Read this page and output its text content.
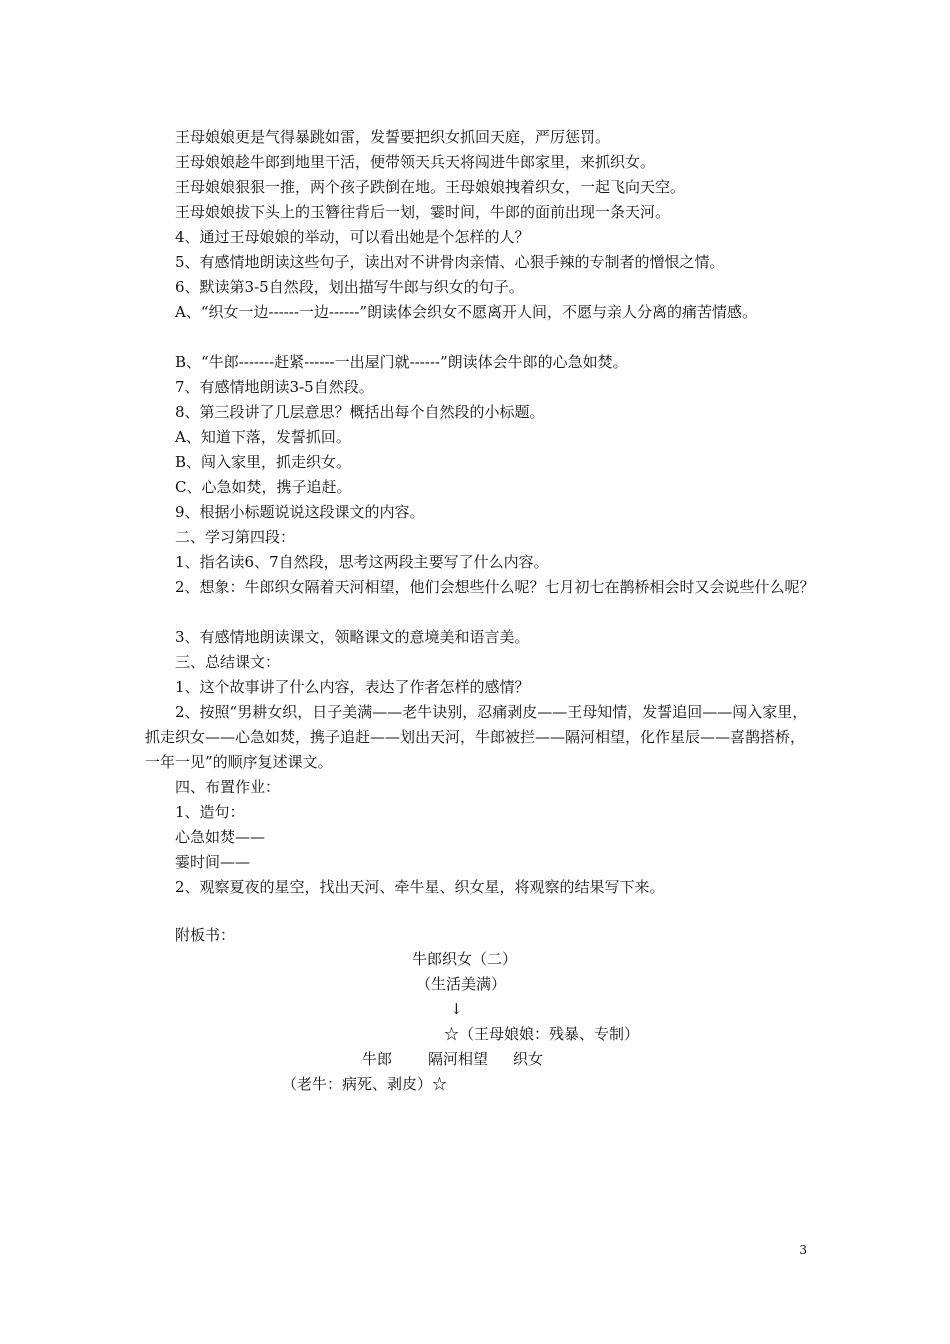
王母娘娘更是气得暴跳如雷，发誓要把织女抓回天庭，严厉惩罚。
王母娘娘趁牛郎到地里干活，便带领天兵天将闯进牛郎家里，来抓织女。
王母娘娘狠狠一推，两个孩子跌倒在地。王母娘娘拽着织女，一起飞向天空。
王母娘娘拔下头上的玉簪往背后一划，霎时间，牛郎的面前出现一条天河。
4、通过王母娘娘的举动，可以看出她是个怎样的人？
5、有感情地朗读这些句子，读出对不讲骨肉亲情、心狠手辣的专制者的憎恨之情。
6、默读第3-5自然段，划出描写牛郎与织女的句子。
A、“织女一边------一边------”朗读体会织女不愿离开人间，不愿与亲人分离的痛苦情感。
B、“牛郎-------赶紧------一出屋门就------”朗读体会牛郎的心急如焚。
7、有感情地朗读3-5自然段。
8、第三段讲了几层意思？概括出每个自然段的小标题。
A、知道下落，发誓抓回。
B、闯入家里，抓走织女。
C、心急如焚，携子追赶。
9、根据小标题说说这段课文的内容。
二、学习第四段：
1、指名读6、7自然段，思考这两段主要写了什么内容。
2、想象：牛郎织女隔着天河相望，他们会想些什么呢？七月初七在鹊桥相会时又会说些什么呢？
3、有感情地朗读课文，领略课文的意境美和语言美。
三、总结课文：
1、这个故事讲了什么内容，表达了作者怎样的感情？
2、按照“男耕女织，日子美满——老牛诀别，忍痛剥皮——王母知情，发誓追回——闯入家里，抓走织女——心急如焚，携子追赶——划出天河，牛郎被拦——隔河相望，化作星辰——喜鹊搭桥，一年一见”的顺序复述课文。
四、布置作业：
1、造句：
心急如焚——
霎时间——
2、观察夏夜的星空，找出天河、牵牛星、织女星，将观察的结果写下来。
附板书：
牛郎织女（二）
（生活美满）
↓
☆（王母娘娘：残暴、专制）
牛郎 隔河相望 织女
（老牛：病死、剥皮）☆
3
